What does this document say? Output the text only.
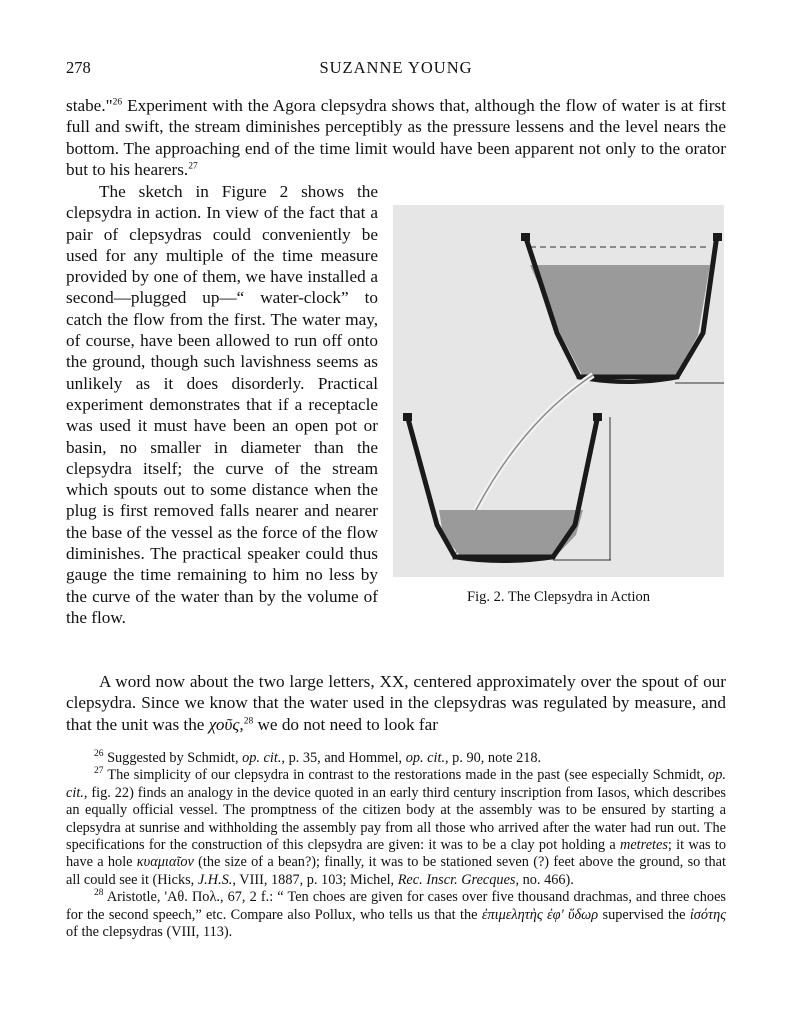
278	SUZANNE YOUNG
stabe."$^{26}$ Experiment with the Agora clepsydra shows that, although the flow of water is at first full and swift, the stream diminishes perceptibly as the pressure lessens and the level nears the bottom. The approaching end of the time limit would have been apparent not only to the orator but to his hearers.$^{27}$
The sketch in Figure 2 shows the clepsydra in action. In view of the fact that a pair of clepsydras could conveniently be used for any multiple of the time measure provided by one of them, we have installed a second—plugged up—“ water-clock” to catch the flow from the first. The water may, of course, have been allowed to run off onto the ground, though such lavishness seems as unlikely as it does disorderly. Practical experiment demonstrates that if a receptacle was used it must have been an open pot or basin, no smaller in diameter than the clepsydra itself; the curve of the stream which spouts out to some distance when the plug is first removed falls nearer and nearer the base of the vessel as the force of the flow diminishes. The practical speaker could thus gauge the time remaining to him no less by the curve of the water than by the volume of the flow.
Fig. 2. The Clepsydra in Action
A word now about the two large letters, XX, centered approximately over the spout of our clepsydra. Since we know that the water used in the clepsydras was regulated by measure, and that the unit was the χοῦς,$^{28}$ we do not need to look far

$^{26}$ Suggested by Schmidt, op. cit., p. 35, and Hommel, op. cit., p. 90, note 218.

$^{27}$ The simplicity of our clepsydra in contrast to the restorations made in the past (see especially Schmidt, op. cit., fig. 22) finds an analogy in the device quoted in an early third century inscription from Iasos, which describes an equally official vessel. The promptness of the citizen body at the assembly was to be ensured by starting a clepsydra at sunrise and withholding the assembly pay from all those who arrived after the water had run out. The specifications for the construction of this clepsydra are given: it was to be a clay pot holding a metretes; it was to have a hole κυαμιαῖον (the size of a bean?); finally, it was to be stationed seven (?) feet above the ground, so that all could see it (Hicks, J.H.S., VIII, 1887, p. 103; Michel, Rec. Inscr. Grecques, no. 466).

$^{28}$ Aristotle, 'Αθ. Πολ., 67, 2 f.: “ Ten choes are given for cases over five thousand drachmas, and three choes for the second speech,” etc. Compare also Pollux, who tells us that the ἐπιμελητὴς ἐφ' ὕδωρ supervised the ἰσότης of the clepsydras (VIII, 113).
